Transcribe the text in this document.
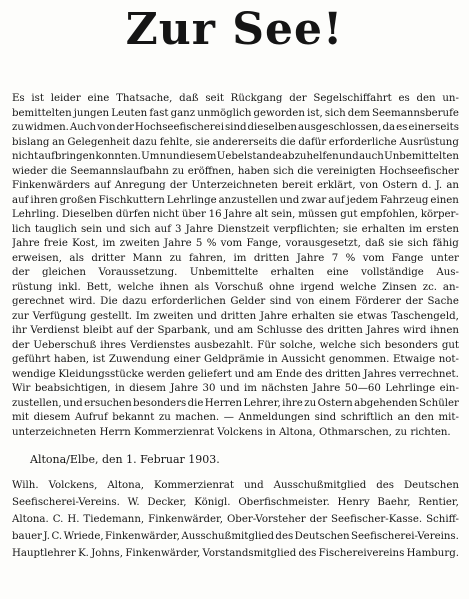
Zur See!
Es ist leider eine Thatsache, daß seit Rückgang der Segelschiffahrt es den un-
bemittelten jungen Leuten fast ganz unmöglich geworden ist, sich dem Seemannsberufe
zu widmen. Auch von der Hochseefischerei sind dieselben ausgeschlossen, da es einerseits
bislang an Gelegenheit dazu fehlte, sie andererseits die dafür erforderliche Ausrüstung
nicht aufbringen konnten. Um nun diesem Uebelstande abzuhelfen und auch Unbemittelten
wieder die Seemannslaufbahn zu eröffnen, haben sich die vereinigten Hochseefischer
Finkenwärders auf Anregung der Unterzeichneten bereit erklärt, von Ostern d. J. an
auf ihren großen Fischkuttern Lehrlinge anzustellen und zwar auf jedem Fahrzeug einen
Lehrling. Dieselben dürfen nicht über 16 Jahre alt sein, müssen gut empfohlen, körper-
lich tauglich sein und sich auf 3 Jahre Dienstzeit verpflichten; sie erhalten im ersten
Jahre freie Kost, im zweiten Jahre 5 % vom Fange, vorausgesetzt, daß sie sich fähig
erweisen, als dritter Mann zu fahren, im dritten Jahre 7 % vom Fange unter
der gleichen Voraussetzung. Unbemittelte erhalten eine vollständige Aus-
rüstung inkl. Bett, welche ihnen als Vorschuß ohne irgend welche Zinsen zc. an-
gerechnet wird. Die dazu erforderlichen Gelder sind von einem Förderer der Sache
zur Verfügung gestellt. Im zweiten und dritten Jahre erhalten sie etwas Taschengeld,
ihr Verdienst bleibt auf der Sparbank, und am Schlusse des dritten Jahres wird ihnen
der Ueberschuß ihres Verdienstes ausbezahlt. Für solche, welche sich besonders gut
geführt haben, ist Zuwendung einer Geldprämie in Aussicht genommen. Etwaige not-
wendige Kleidungsstücke werden geliefert und am Ende des dritten Jahres verrechnet.
Wir beabsichtigen, in diesem Jahre 30 und im nächsten Jahre 50—60 Lehrlinge ein-
zustellen, und ersuchen besonders die Herren Lehrer, ihre zu Ostern abgehenden Schüler
mit diesem Aufruf bekannt zu machen. — Anmeldungen sind schriftlich an den mit-
unterzeichneten Herrn Kommerzienrat Volckens in Altona, Othmarschen, zu richten.
Altona/Elbe, den 1. Februar 1903.
Wilh. Volckens, Altona, Kommerzienrat und Ausschußmitglied des Deutschen
Seefischerei-Vereins. W. Decker, Königl. Oberfischmeister. Henry Baehr, Rentier,
Altona. C. H. Tiedemann, Finkenwärder, Ober-Vorsteher der Seefischer-Kasse. Schiff-
bauer J. C. Wriede, Finkenwärder, Ausschußmitglied des Deutschen Seefischerei-Vereins.
Hauptlehrer K. Johns, Finkenwärder, Vorstandsmitglied des Fischereivereins Hamburg.
